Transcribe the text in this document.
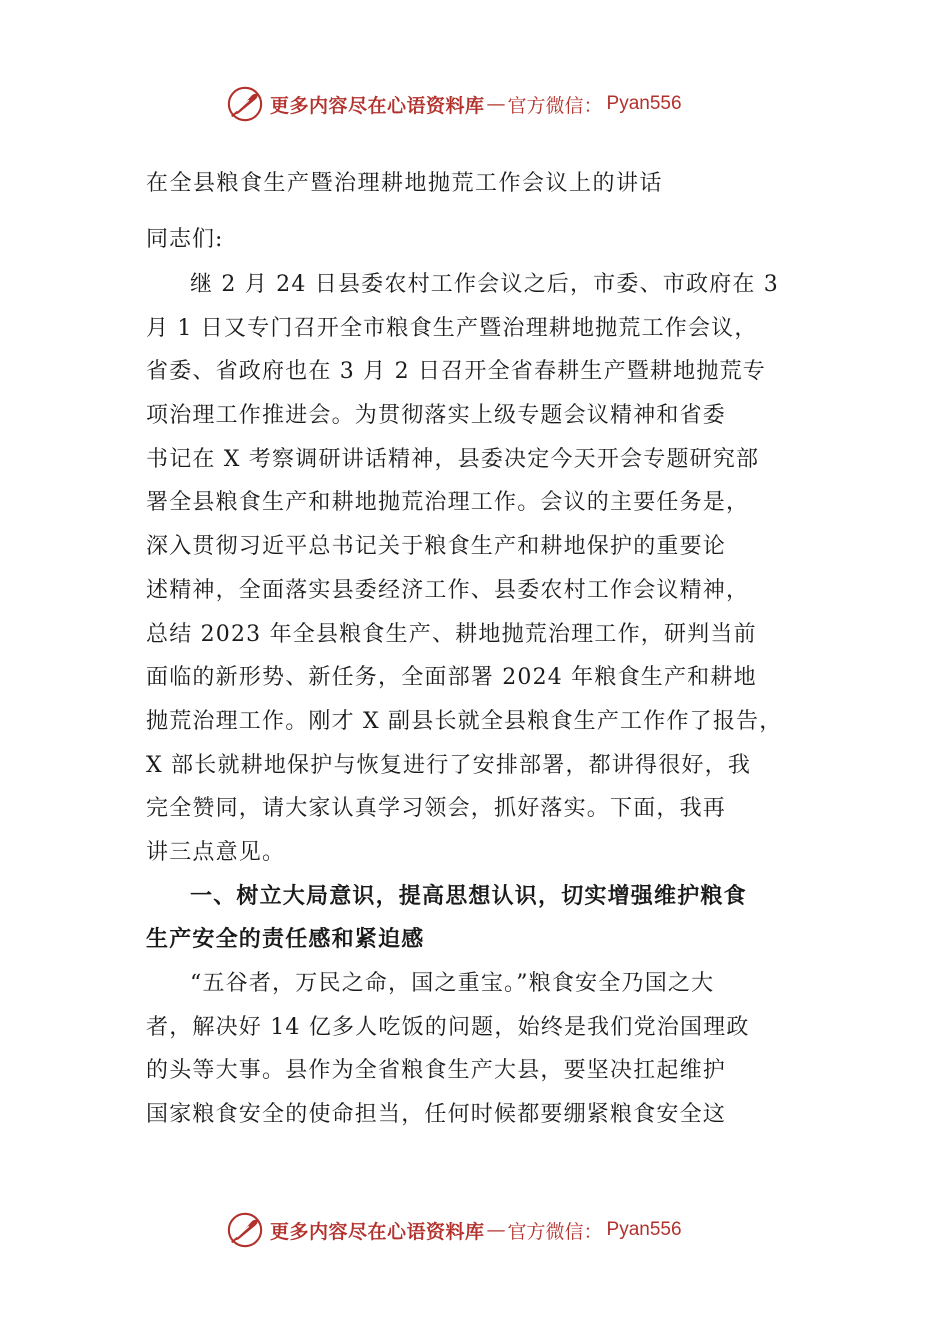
更多内容尽在心语资料库 — 官方微信： Pyan556
在全县粮食生产暨治理耕地抛荒工作会议上的讲话
同志们:
继 2 月 24 日县委农村工作会议之后，市委、市政府在 3
月 1 日又专门召开全市粮食生产暨治理耕地抛荒工作会议，
省委、省政府也在 3 月 2 日召开全省春耕生产暨耕地抛荒专
项治理工作推进会。为贯彻落实上级专题会议精神和省委
书记在 X 考察调研讲话精神，县委决定今天开会专题研究部
署全县粮食生产和耕地抛荒治理工作。会议的主要任务是，
深入贯彻习近平总书记关于粮食生产和耕地保护的重要论
述精神，全面落实县委经济工作、县委农村工作会议精神，
总结 2023 年全县粮食生产、耕地抛荒治理工作，研判当前
面临的新形势、新任务，全面部署 2024 年粮食生产和耕地
抛荒治理工作。刚才 X 副县长就全县粮食生产工作作了报告，
X 部长就耕地保护与恢复进行了安排部署，都讲得很好，我
完全赞同，请大家认真学习领会，抓好落实。下面，我再
讲三点意见。
一、树立大局意识，提高思想认识，切实增强维护粮食
生产安全的责任感和紧迫感
“五谷者，万民之命，国之重宝。”粮食安全乃国之大
者，解决好 14 亿多人吃饭的问题，始终是我们党治国理政
的头等大事。县作为全省粮食生产大县，要坚决扛起维护
国家粮食安全的使命担当，任何时候都要绷紧粮食安全这
更多内容尽在心语资料库 — 官方微信： Pyan556
